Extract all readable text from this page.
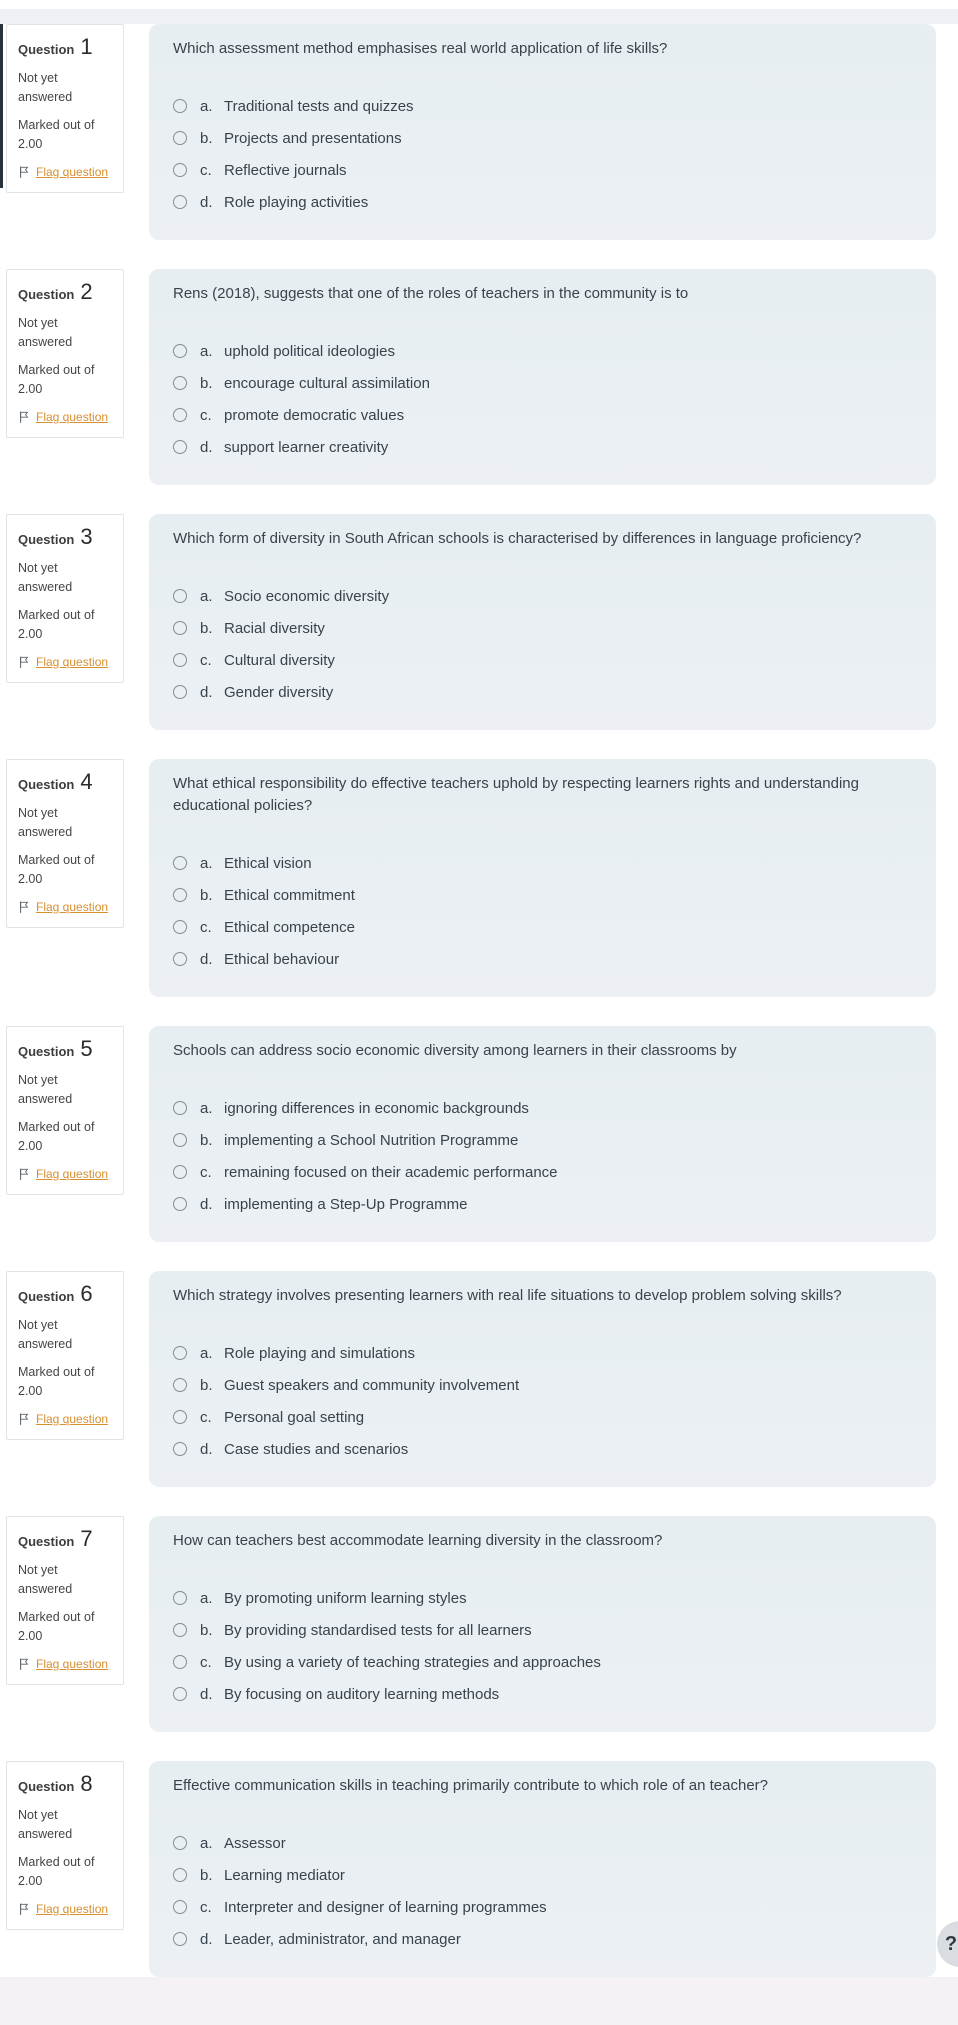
Question 1
Not yet answered
Marked out of
2.00
Flag question
Which assessment method emphasises real world application of life skills?
a. Traditional tests and quizzes
b. Projects and presentations
c. Reflective journals
d. Role playing activities
Question 2
Not yet answered
Marked out of
2.00
Flag question
Rens (2018), suggests that one of the roles of teachers in the community is to
a. uphold political ideologies
b. encourage cultural assimilation
c. promote democratic values
d. support learner creativity
Question 3
Not yet answered
Marked out of
2.00
Flag question
Which form of diversity in South African schools is characterised by differences in language proficiency?
a. Socio economic diversity
b. Racial diversity
c. Cultural diversity
d. Gender diversity
Question 4
Not yet answered
Marked out of
2.00
Flag question
What ethical responsibility do effective teachers uphold by respecting learners rights and understanding educational policies?
a. Ethical vision
b. Ethical commitment
c. Ethical competence
d. Ethical behaviour
Question 5
Not yet answered
Marked out of
2.00
Flag question
Schools can address socio economic diversity among learners in their classrooms by
a. ignoring differences in economic backgrounds
b. implementing a School Nutrition Programme
c. remaining focused on their academic performance
d. implementing a Step-Up Programme
Question 6
Not yet answered
Marked out of
2.00
Flag question
Which strategy involves presenting learners with real life situations to develop problem solving skills?
a. Role playing and simulations
b. Guest speakers and community involvement
c. Personal goal setting
d. Case studies and scenarios
Question 7
Not yet answered
Marked out of
2.00
Flag question
How can teachers best accommodate learning diversity in the classroom?
a. By promoting uniform learning styles
b. By providing standardised tests for all learners
c. By using a variety of teaching strategies and approaches
d. By focusing on auditory learning methods
Question 8
Not yet answered
Marked out of
2.00
Flag question
Effective communication skills in teaching primarily contribute to which role of an teacher?
a. Assessor
b. Learning mediator
c. Interpreter and designer of learning programmes
d. Leader, administrator, and manager	?
